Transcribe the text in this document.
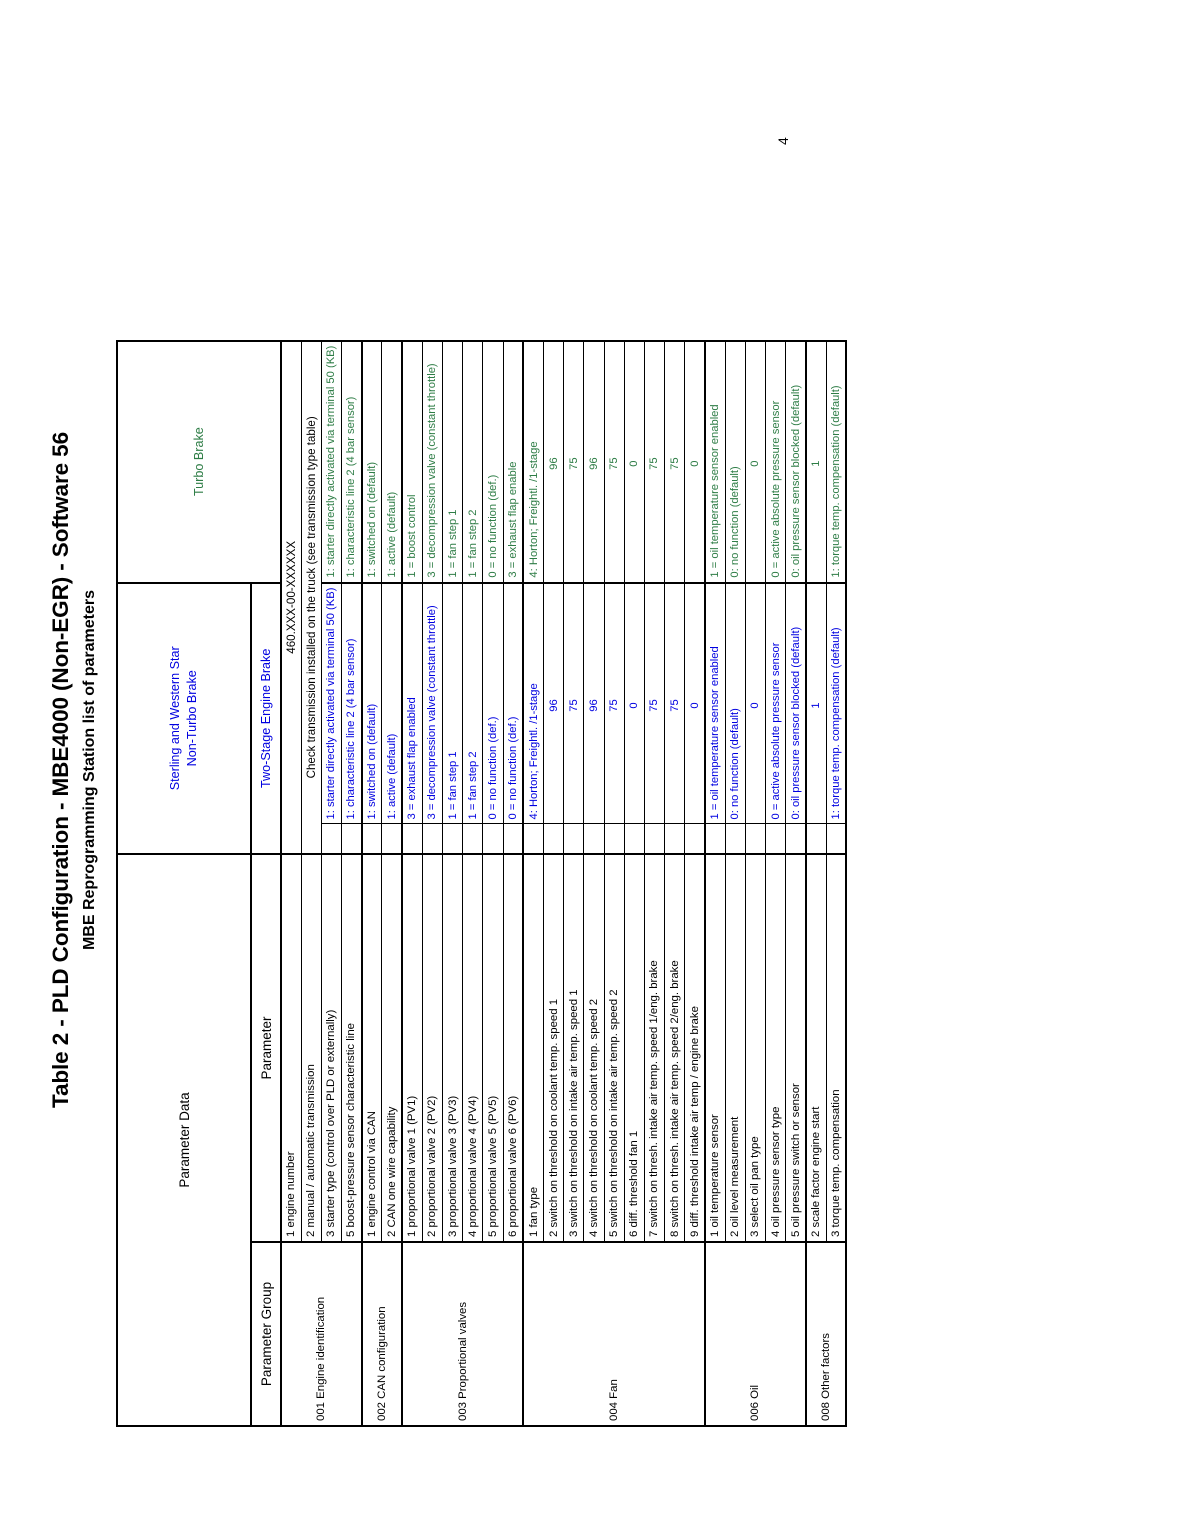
Table 2 - PLD Configuration - MBE4000 (Non-EGR) - Software 56 MBE Reprogramming Station list of parameters
4
Parameter Data		Sterling and Western Star Non-Turbo Brake		Turbo Brake
Parameter Group	Parameter	Two-Stage Engine Brake		
001 Engine identification	1 engine number	460.XXX-00-XXXXXX		
	2 manual / automatic transmission	Check transmission installed on the truck (see transmission type table)		
	3 starter type (control over PLD or externally)		1: starter directly activated via terminal 50 (KB)	1: starter directly activated via terminal 50 (KB)
	5 boost-pressure sensor characteristic line		1: characteristic line 2 (4 bar sensor)	1: characteristic line 2 (4 bar sensor)
002 CAN configuration	1 engine control via CAN		1: switched on (default)	1: switched on (default)
	2 CAN one wire capability		1: active (default)	1: active (default)
003 Proportional valves	1 proportional valve 1 (PV1)		3 = exhaust flap enabled	1 = boost control
	2 proportional valve 2 (PV2)		3 = decompression valve (constant throttle)	3 = decompression valve (constant throttle)
	3 proportional valve 3 (PV3)		1 = fan step 1	1 = fan step 1
	4 proportional valve 4 (PV4)		1 = fan step 2	1 = fan step 2
	5 proportional valve 5 (PV5)		0 = no function (def.)	0 = no function (def.)
	6 proportional valve 6 (PV6)		0 = no function (def.)	3 = exhaust flap enable
004 Fan	1 fan type		4: Horton; Freightl. /1-stage	4: Horton; Freightl. /1-stage
	2 switch on threshold on coolant temp. speed 1		96	96
	3 switch on threshold on intake air temp. speed 1		75	75
	4 switch on threshold on coolant temp. speed 2		96	96
	5 switch on threshold on intake air temp. speed 2		75	75
	6 diff. threshold fan 1		0	0
	7 switch on thresh. intake air temp. speed 1/eng. brake		75	75
	8 switch on thresh. intake air temp. speed 2/eng. brake		75	75
	9 diff. threshold intake air temp / engine brake		0	0
006 Oil	1 oil temperature sensor		1 = oil temperature sensor enabled	1 = oil temperature sensor enabled
	2 oil level measurement		0: no function (default)	0: no function (default)
	3 select oil pan type		0	0
	4 oil pressure sensor type		0 = active absolute pressure sensor	0 = active absolute pressure sensor
	5 oil pressure switch or sensor		0: oil pressure sensor blocked (default)	0: oil pressure sensor blocked (default)
008 Other factors	2 scale factor engine start		1	1
	3 torque temp. compensation		1: torque temp. compensation (default)	1: torque temp. compensation (default)
